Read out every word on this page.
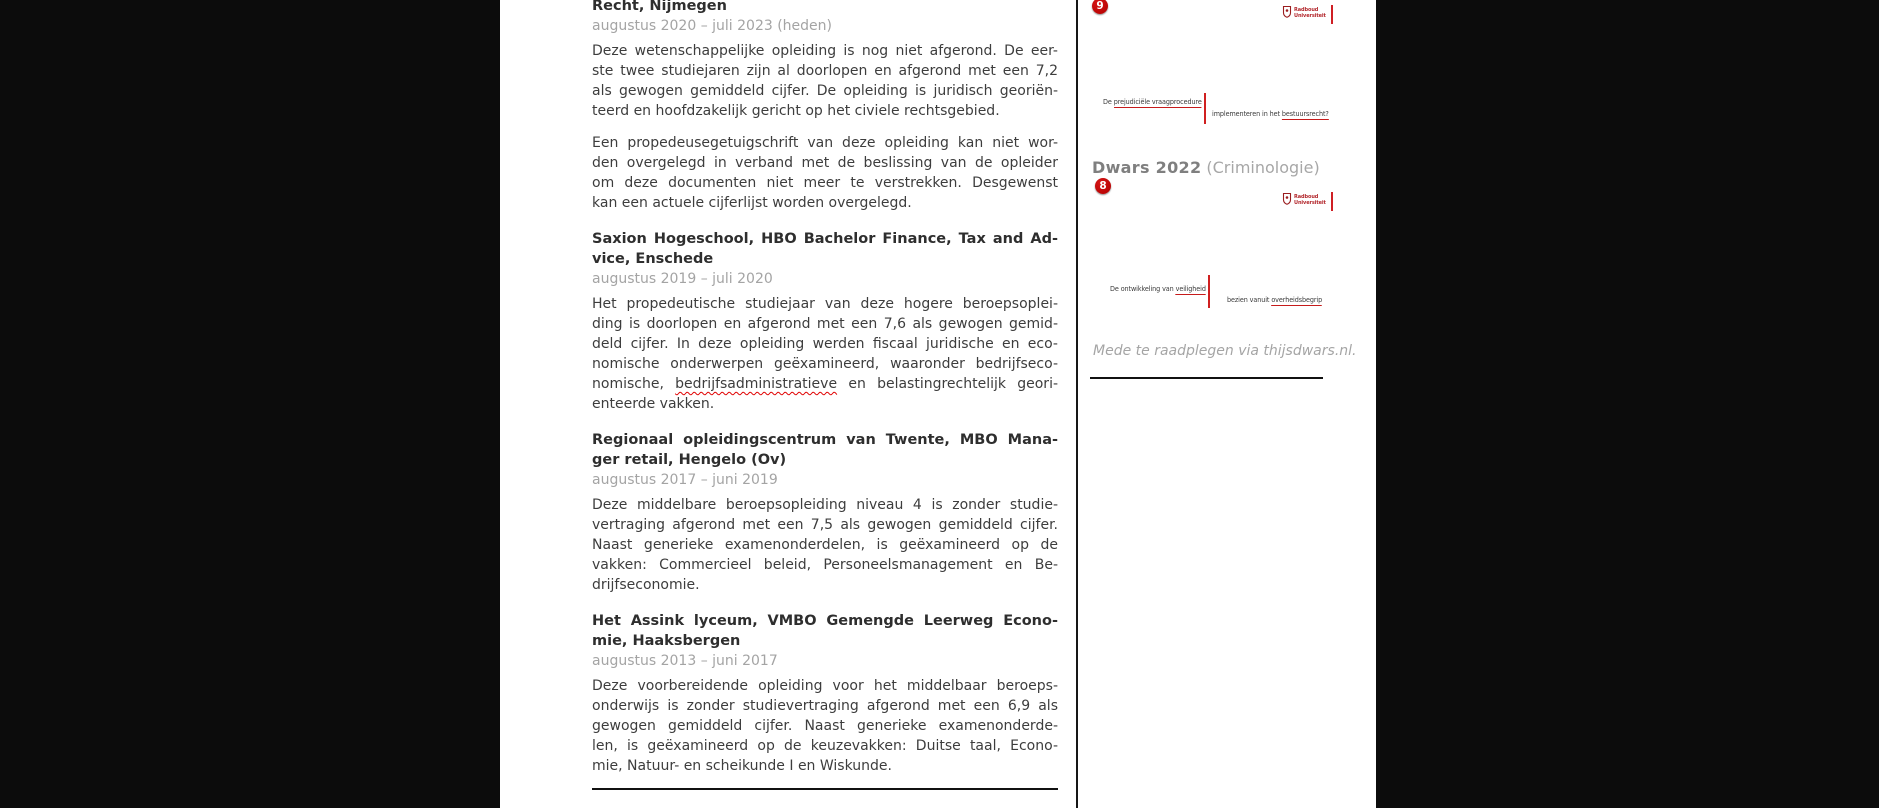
Recht, Nijmegen
augustus 2020 – juli 2023 (heden)
Deze wetenschappelijke opleiding is nog niet afgerond. De eer-
ste twee studiejaren zijn al doorlopen en afgerond met een 7,2
als gewogen gemiddeld cijfer. De opleiding is juridisch georiën-
teerd en hoofdzakelijk gericht op het civiele rechtsgebied.
Een propedeusegetuigschrift van deze opleiding kan niet wor-
den overgelegd in verband met de beslissing van de opleider
om deze documenten niet meer te verstrekken. Desgewenst
kan een actuele cijferlijst worden overgelegd.
Saxion Hogeschool, HBO Bachelor Finance, Tax and Ad-
vice, Enschede
augustus 2019 – juli 2020
Het propedeutische studiejaar van deze hogere beroepsoplei-
ding is doorlopen en afgerond met een 7,6 als gewogen gemid-
deld cijfer. In deze opleiding werden fiscaal juridische en eco-
nomische onderwerpen geëxamineerd, waaronder bedrijfseco-
nomische, bedrijfsadministratieve en belastingrechtelijk geori-
enteerde vakken.
Regionaal opleidingscentrum van Twente, MBO Mana-
ger retail, Hengelo (Ov)
augustus 2017 – juni 2019
Deze middelbare beroepsopleiding niveau 4 is zonder studie-
vertraging afgerond met een 7,5 als gewogen gemiddeld cijfer.
Naast generieke examenonderdelen, is geëxamineerd op de
vakken: Commercieel beleid, Personeelsmanagement en Be-
drijfseconomie.
Het Assink lyceum, VMBO Gemengde Leerweg Econo-
mie, Haaksbergen
augustus 2013 – juni 2017
Deze voorbereidende opleiding voor het middelbaar beroeps-
onderwijs is zonder studievertraging afgerond met een 6,9 als
gewogen gemiddeld cijfer. Naast generieke examenonderde-
len, is geëxamineerd op de keuzevakken: Duitse taal, Econo-
mie, Natuur- en scheikunde I en Wiskunde.
9	Radboud
Universiteit
De prejudiciële vraagprocedure
implementeren in het bestuursrecht?
Dwars 2022 (Criminologie)
8
Radboud
Universiteit
De ontwikkeling van veiligheid
bezien vanuit overheidsbegrip
Mede te raadplegen via thijsdwars.nl.
